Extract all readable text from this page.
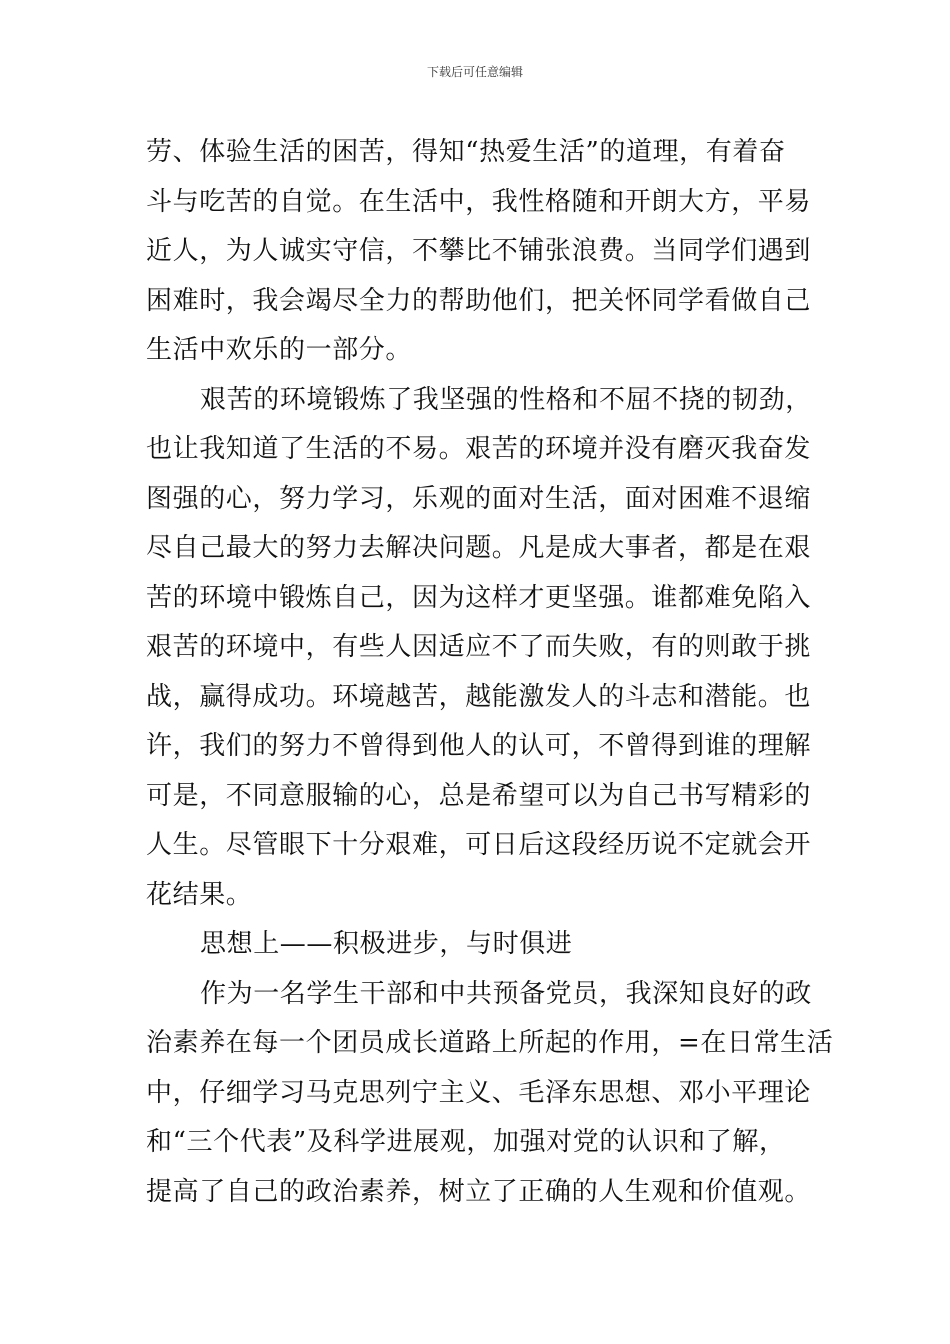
下载后可任意编辑
劳、体验生活的困苦，得知“热爱生活”的道理，有着奋
斗与吃苦的自觉。在生活中，我性格随和开朗大方，平易
近人，为人诚实守信，不攀比不铺张浪费。当同学们遇到
困难时，我会竭尽全力的帮助他们，把关怀同学看做自己
生活中欢乐的一部分。
艰苦的环境锻炼了我坚强的性格和不屈不挠的韧劲，
也让我知道了生活的不易。艰苦的环境并没有磨灭我奋发
图强的心，努力学习，乐观的面对生活，面对困难不退缩
尽自己最大的努力去解决问题。凡是成大事者，都是在艰
苦的环境中锻炼自己，因为这样才更坚强。谁都难免陷入
艰苦的环境中，有些人因适应不了而失败，有的则敢于挑
战，赢得成功。环境越苦，越能激发人的斗志和潜能。也
许，我们的努力不曾得到他人的认可，不曾得到谁的理解
可是，不同意服输的心，总是希望可以为自己书写精彩的
人生。尽管眼下十分艰难，可日后这段经历说不定就会开
花结果。
思想上——积极进步，与时俱进
作为一名学生干部和中共预备党员，我深知良好的政
治素养在每一个团员成长道路上所起的作用，=在日常生活
中，仔细学习马克思列宁主义、毛泽东思想、邓小平理论
和“三个代表”及科学进展观，加强对党的认识和了解，
提高了自己的政治素养，树立了正确的人生观和价值观。
